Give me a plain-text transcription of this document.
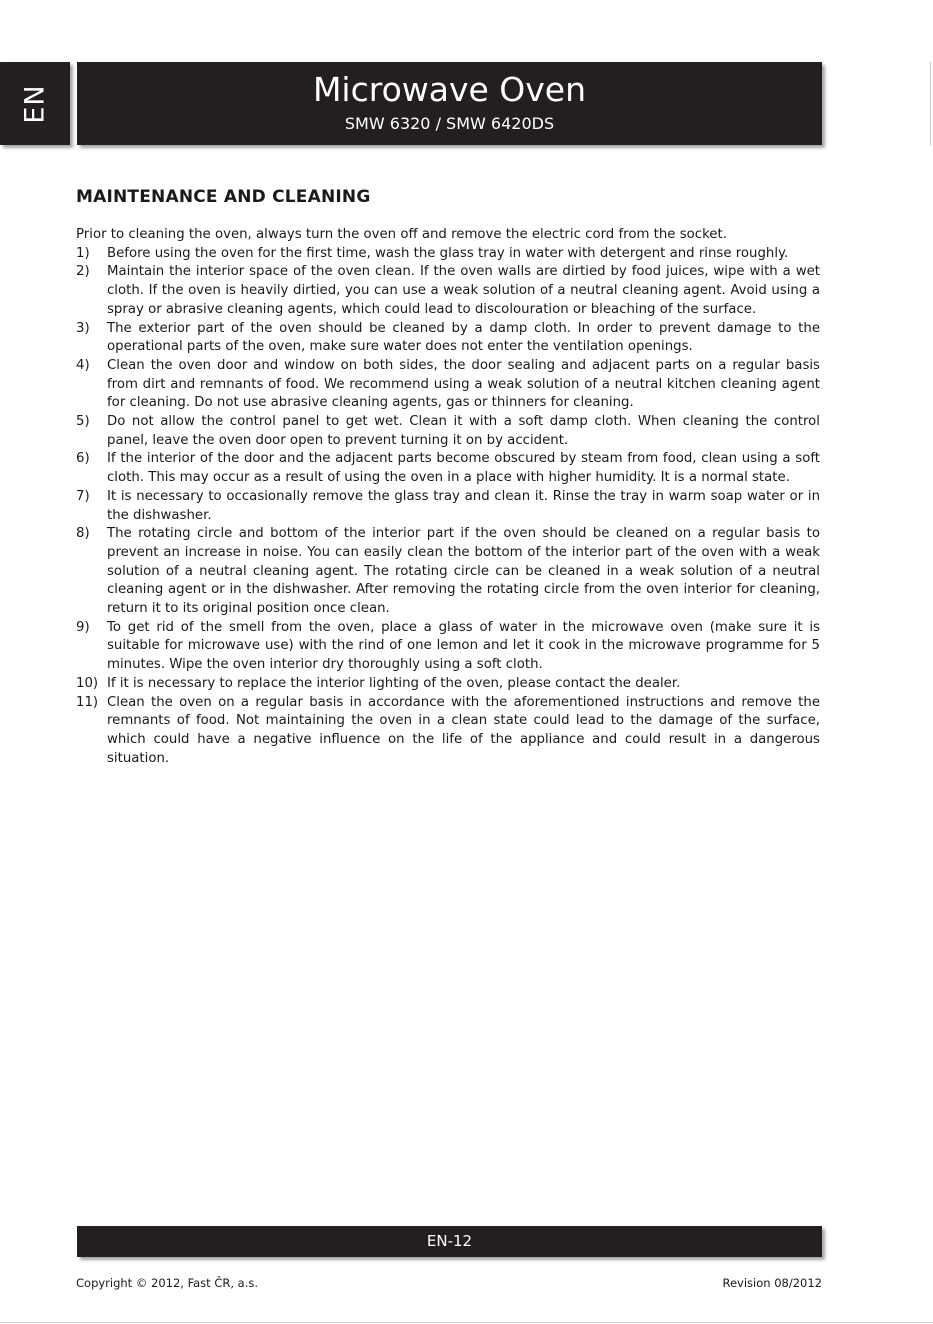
EN	Microwave Oven
SMW 6320 / SMW 6420DS
MAINTENANCE AND CLEANING

Prior to cleaning the oven, always turn the oven off and remove the electric cord from the socket.

1) Before using the oven for the first time, wash the glass tray in water with detergent and rinse roughly.
2) Maintain the interior space of the oven clean. If the oven walls are dirtied by food juices, wipe with a wet cloth. If the oven is heavily dirtied, you can use a weak solution of a neutral cleaning agent. Avoid using a spray or abrasive cleaning agents, which could lead to discolouration or bleaching of the surface.
3) The exterior part of the oven should be cleaned by a damp cloth. In order to prevent damage to the operational parts of the oven, make sure water does not enter the ventilation openings.
4) Clean the oven door and window on both sides, the door sealing and adjacent parts on a regular basis from dirt and remnants of food. We recommend using a weak solution of a neutral kitchen cleaning agent for cleaning. Do not use abrasive cleaning agents, gas or thinners for cleaning.
5) Do not allow the control panel to get wet. Clean it with a soft damp cloth. When cleaning the control panel, leave the oven door open to prevent turning it on by accident.
6) If the interior of the door and the adjacent parts become obscured by steam from food, clean using a soft cloth. This may occur as a result of using the oven in a place with higher humidity. It is a normal state.
7) It is necessary to occasionally remove the glass tray and clean it. Rinse the tray in warm soap water or in the dishwasher.
8) The rotating circle and bottom of the interior part if the oven should be cleaned on a regular basis to prevent an increase in noise. You can easily clean the bottom of the interior part of the oven with a weak solution of a neutral cleaning agent. The rotating circle can be cleaned in a weak solution of a neutral cleaning agent or in the dishwasher. After removing the rotating circle from the oven interior for cleaning, return it to its original position once clean.
9) To get rid of the smell from the oven, place a glass of water in the microwave oven (make sure it is suitable for microwave use) with the rind of one lemon and let it cook in the microwave programme for 5 minutes. Wipe the oven interior dry thoroughly using a soft cloth.
10) If it is necessary to replace the interior lighting of the oven, please contact the dealer.
11) Clean the oven on a regular basis in accordance with the aforementioned instructions and remove the remnants of food. Not maintaining the oven in a clean state could lead to the damage of the surface, which could have a negative influence on the life of the appliance and could result in a dangerous situation.
EN-12
Copyright © 2012, Fast ČR, a.s.	Revision 08/2012
